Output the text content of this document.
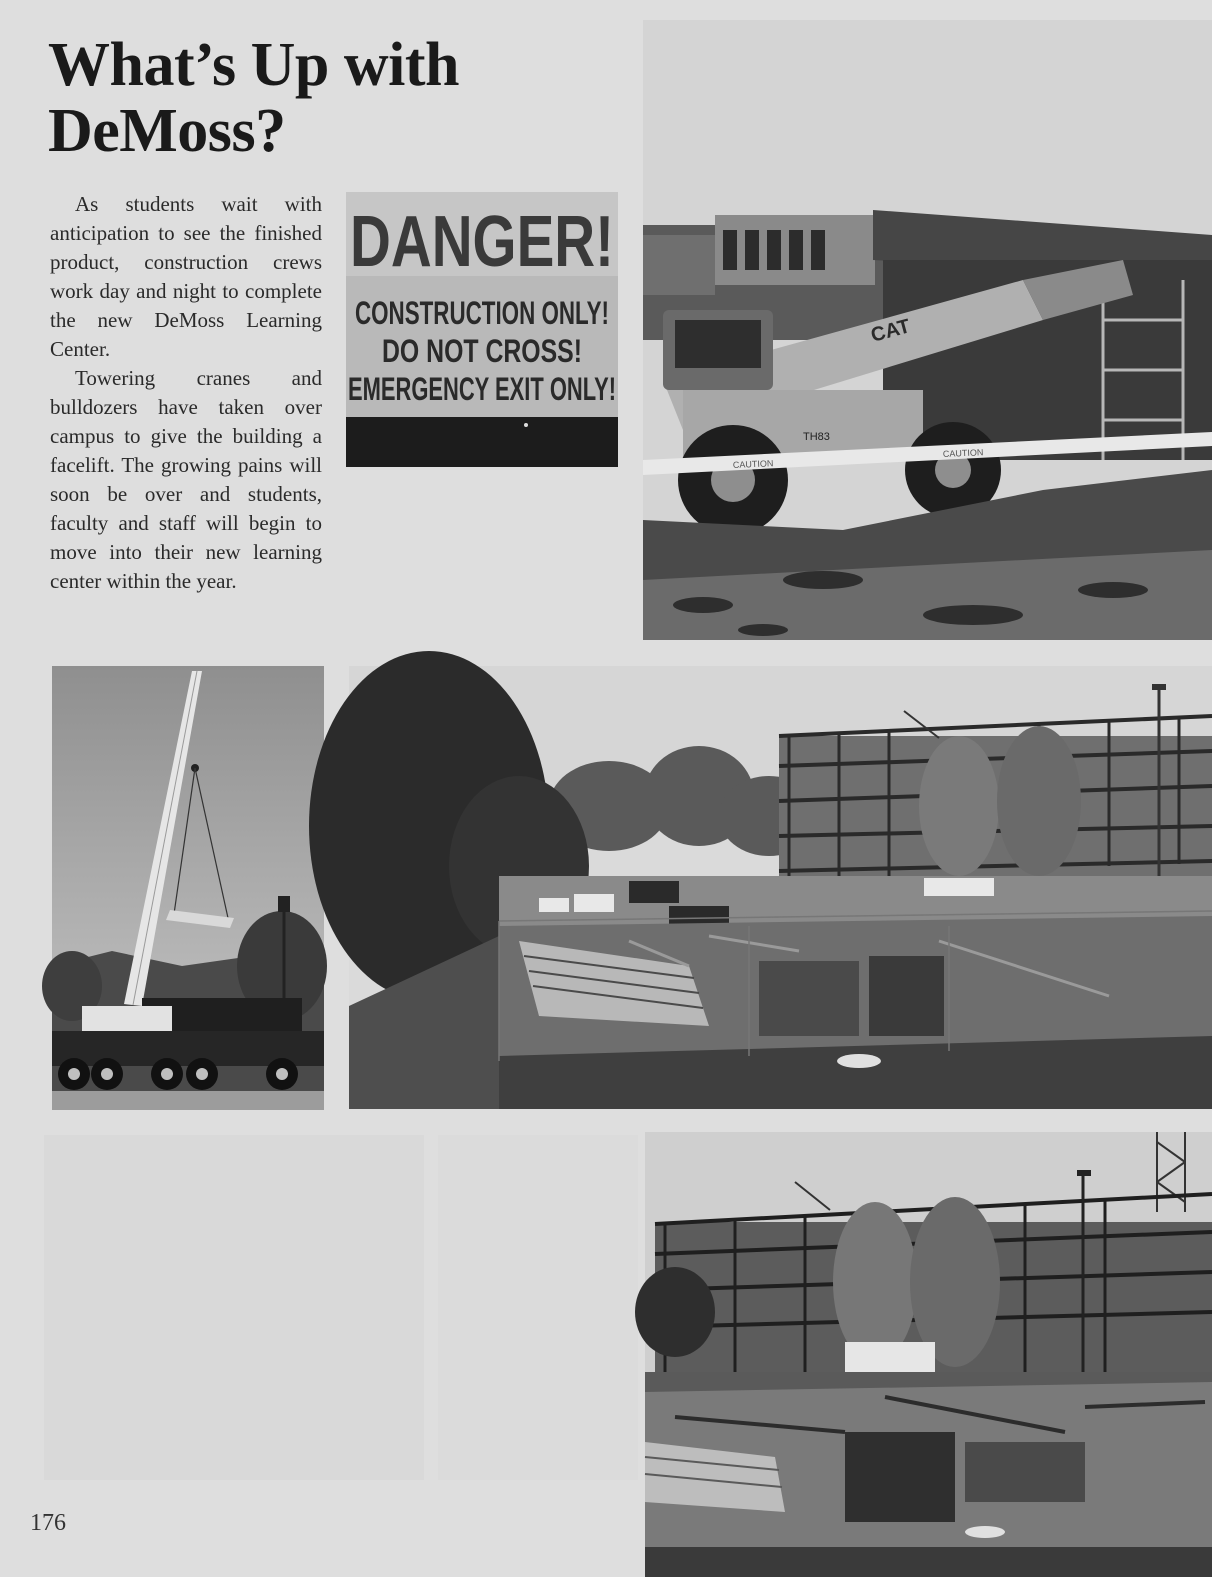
What’s Up with DeMoss?

As students wait with anticipation to see the finished product, construction crews work day and night to complete the new DeMoss Learning Center.

Towering cranes and bulldozers have taken over campus to give the building a facelift. The growing pains will soon be over and students, faculty and staff will begin to move into their new learning center within the year.

DANGER!
CONSTRUCTION ONLY!
DO NOT CROSS!
EMERGENCY EXIT ONLY!
CAT
TH83
CAUTION
CAUTION
176
